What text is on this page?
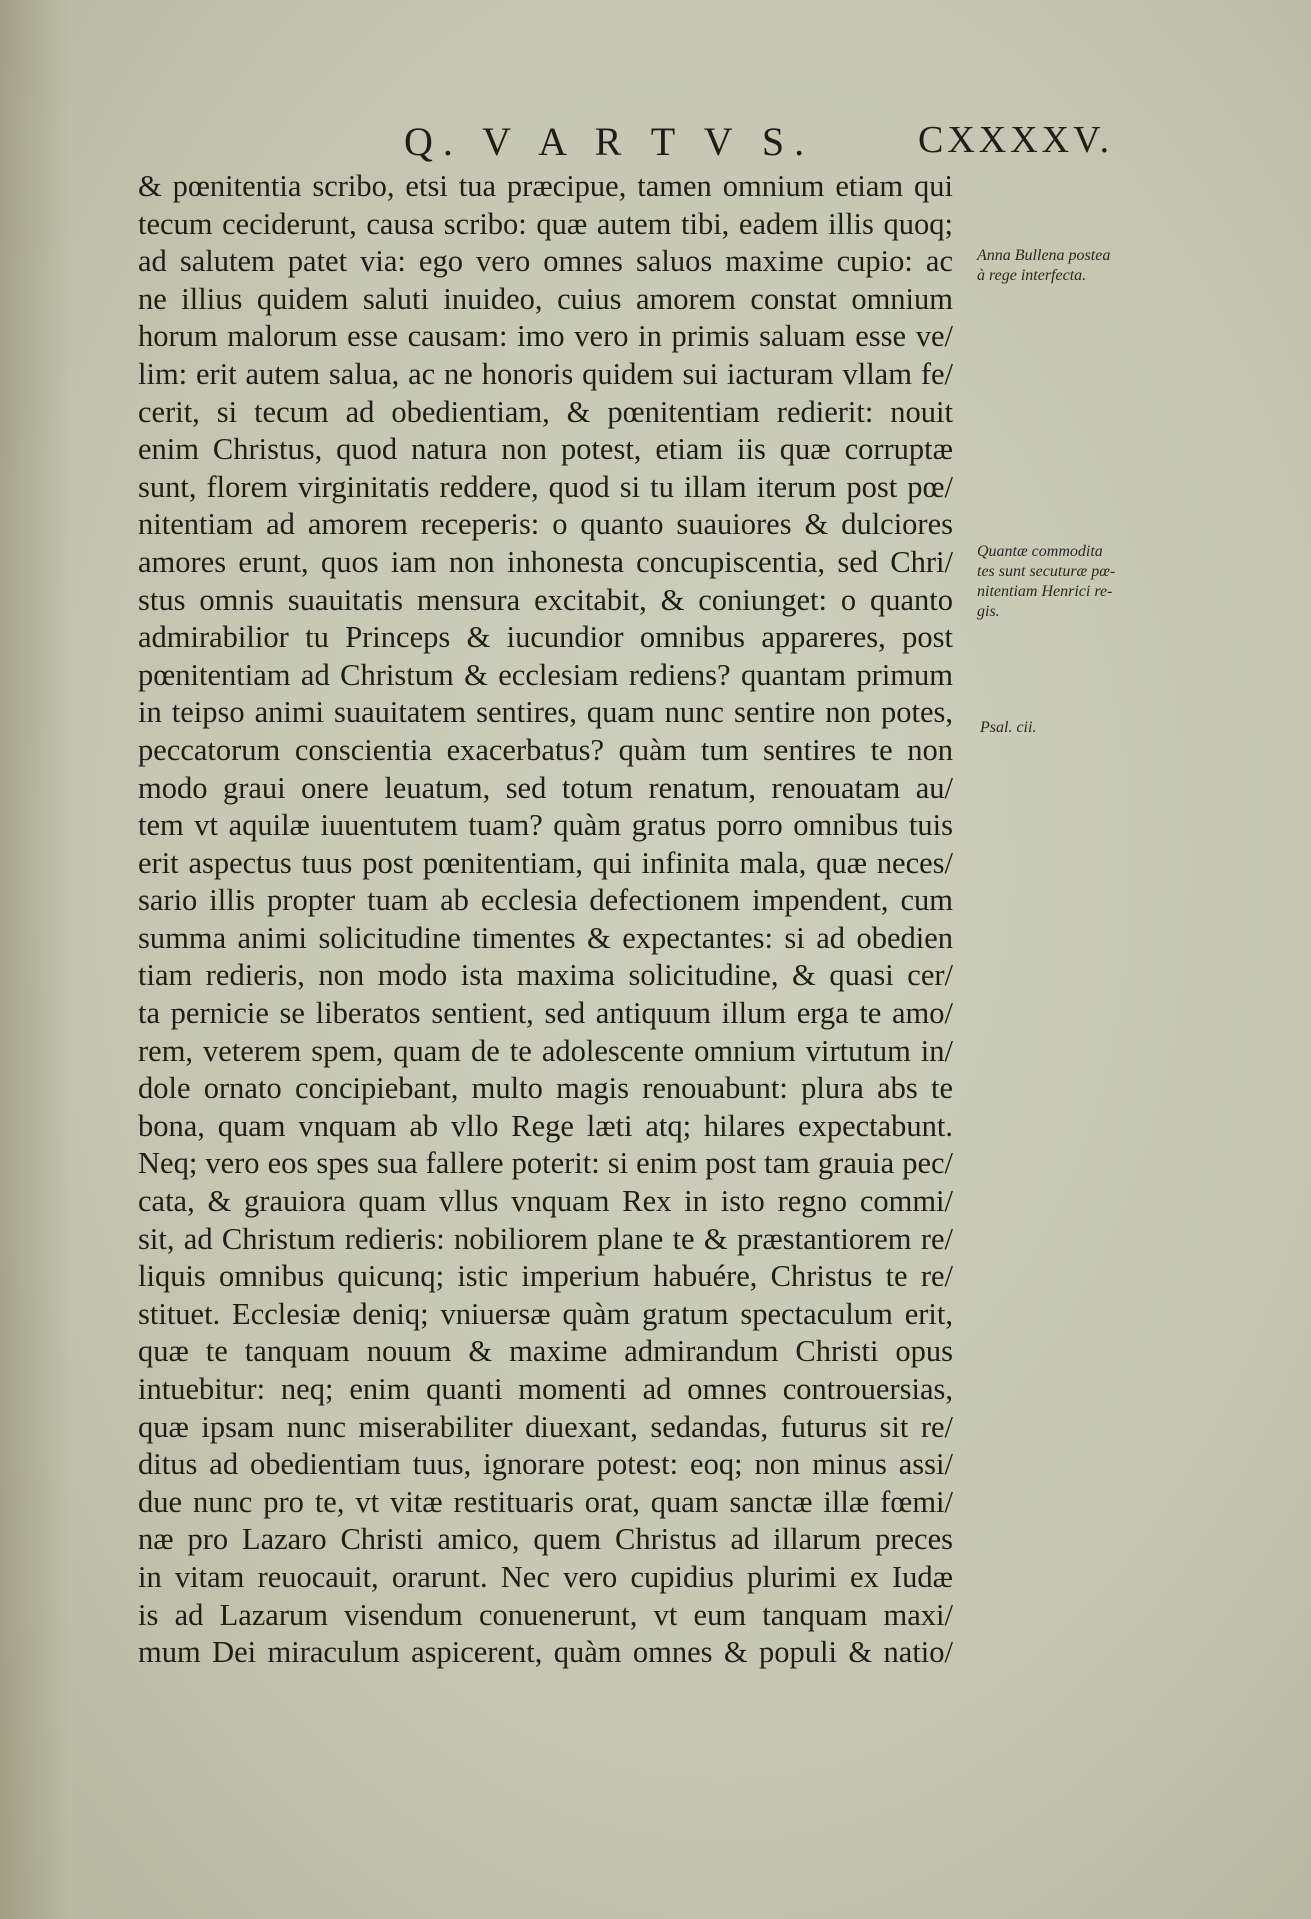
Q. V A R T V S.	CXXXXV.
& pœnitentia scribo, etsi tua præcipue, tamen omnium etiam qui
tecum ceciderunt, causa scribo: quæ autem tibi, eadem illis quoq;
ad salutem patet via: ego vero omnes saluos maxime cupio: ac
ne illius quidem saluti inuideo, cuius amorem constat omnium
horum malorum esse causam: imo vero in primis saluam esse ve/
lim: erit autem salua, ac ne honoris quidem sui iacturam vllam fe/
cerit, si tecum ad obedientiam, & pœnitentiam redierit: nouit
enim Christus, quod natura non potest, etiam iis quæ corruptæ
sunt, florem virginitatis reddere, quod si tu illam iterum post pœ/
nitentiam ad amorem receperis: o quanto suauiores & dulciores
amores erunt, quos iam non inhonesta concupiscentia, sed Chri/
stus omnis suauitatis mensura excitabit, & coniunget: o quanto
admirabilior tu Princeps & iucundior omnibus appareres, post
pœnitentiam ad Christum & ecclesiam rediens? quantam primum
in teipso animi suauitatem sentires, quam nunc sentire non potes,
peccatorum conscientia exacerbatus? quàm tum sentires te non
modo graui onere leuatum, sed totum renatum, renouatam au/
tem vt aquilæ iuuentutem tuam? quàm gratus porro omnibus tuis
erit aspectus tuus post pœnitentiam, qui infinita mala, quæ neces/
sario illis propter tuam ab ecclesia defectionem impendent, cum
summa animi solicitudine timentes & expectantes: si ad obedien
tiam redieris, non modo ista maxima solicitudine, & quasi cer/
ta pernicie se liberatos sentient, sed antiquum illum erga te amo/
rem, veterem spem, quam de te adolescente omnium virtutum in/
dole ornato concipiebant, multo magis renouabunt: plura abs te
bona, quam vnquam ab vllo Rege læti atq; hilares expectabunt.
Neq; vero eos spes sua fallere poterit: si enim post tam grauia pec/
cata, & grauiora quam vllus vnquam Rex in isto regno commi/
sit, ad Christum redieris: nobiliorem plane te & præstantiorem re/
liquis omnibus quicunq; istic imperium habuére, Christus te re/
stituet. Ecclesiæ deniq; vniuersæ quàm gratum spectaculum erit,
quæ te tanquam nouum & maxime admirandum Christi opus
intuebitur: neq; enim quanti momenti ad omnes controuersias,
quæ ipsam nunc miserabiliter diuexant, sedandas, futurus sit re/
ditus ad obedientiam tuus, ignorare potest: eoq; non minus assi/
due nunc pro te, vt vitæ restituaris orat, quam sanctæ illæ fœmi/
næ pro Lazaro Christi amico, quem Christus ad illarum preces
in vitam reuocauit, orarunt. Nec vero cupidius plurimi ex Iudæ
is ad Lazarum visendum conuenerunt, vt eum tanquam maxi/
mum Dei miraculum aspicerent, quàm omnes & populi & natio/
Anna Bullena postea
à rege interfecta.
Quantæ commodita
tes sunt secuturæ pœ-
nitentiam Henrici re-
gis.
Psal. cii.
